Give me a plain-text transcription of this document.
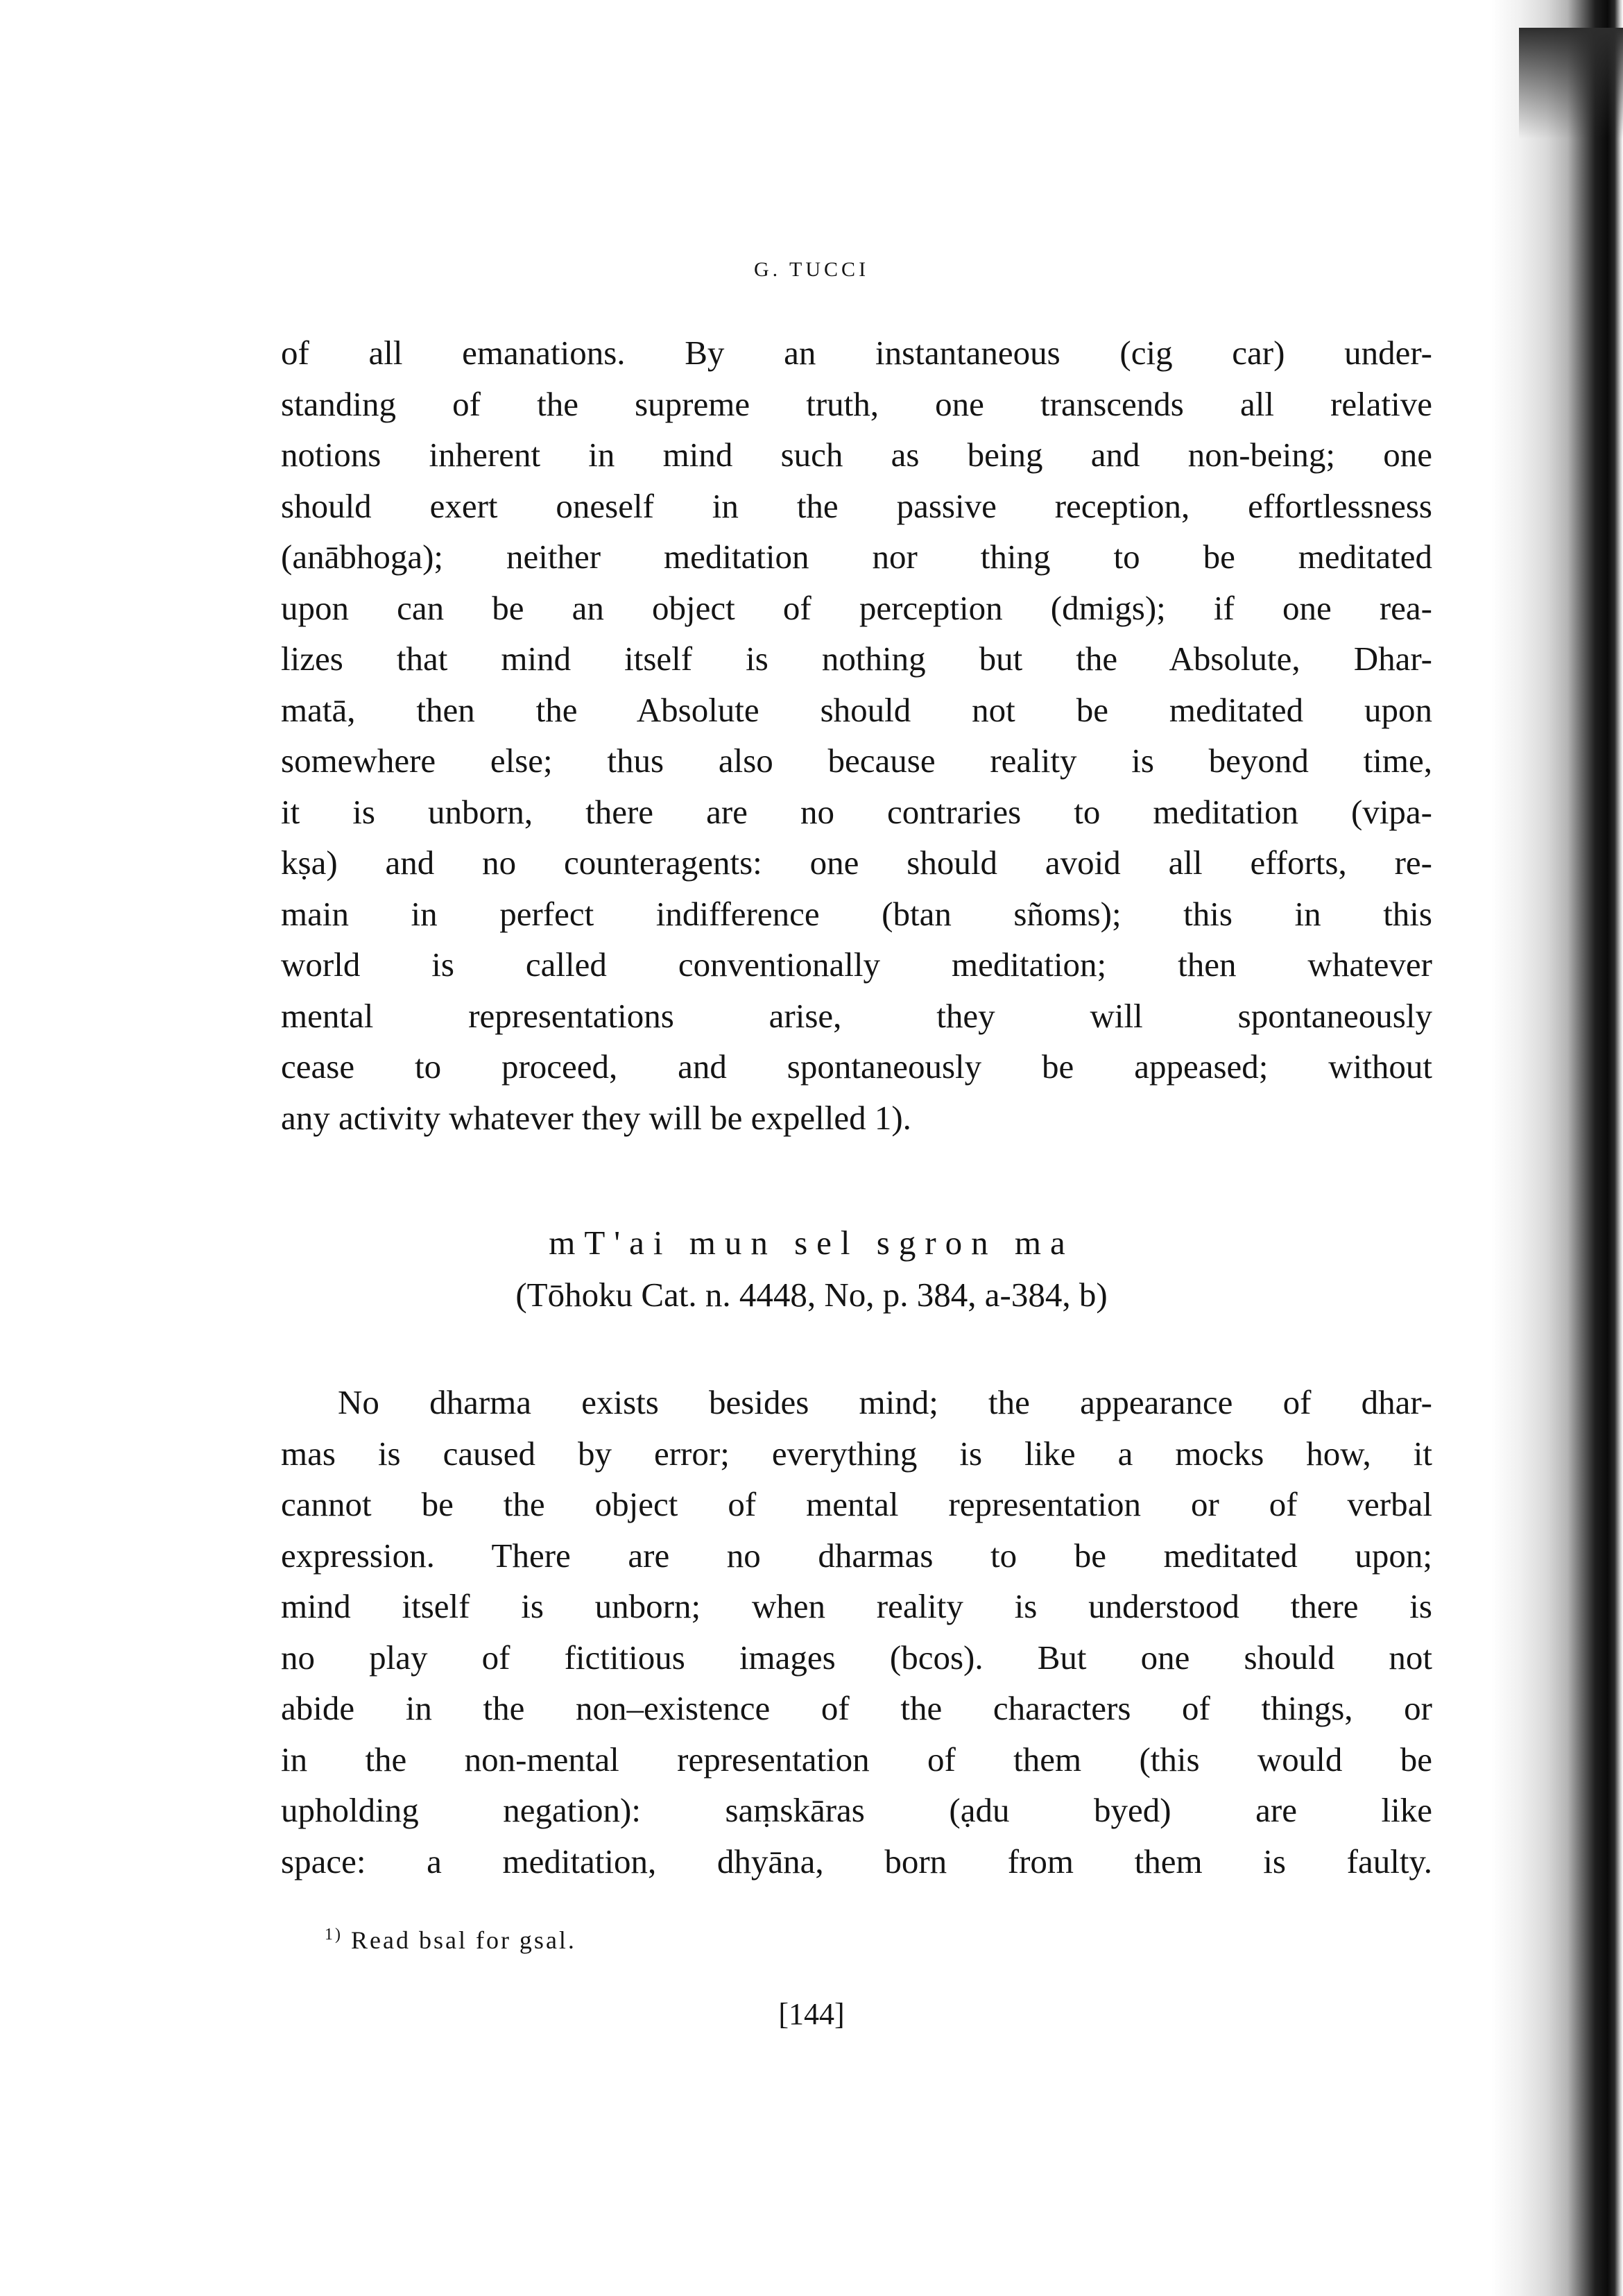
G. TUCCI
of all emanations. By an instantaneous (cig car) under-
standing of the supreme truth, one transcends all relative
notions inherent in mind such as being and non-being; one
should exert oneself in the passive reception, effortlessness
(anābhoga); neither meditation nor thing to be meditated
upon can be an object of perception (dmigs); if one rea-
lizes that mind itself is nothing but the Absolute, Dhar-
matā, then the Absolute should not be meditated upon
somewhere else; thus also because reality is beyond time,
it is unborn, there are no contraries to meditation (vipa-
kṣa) and no counteragents: one should avoid all efforts, re-
main in perfect indifference (btan sñoms); this in this
world is called conventionally meditation; then whatever
mental representations arise, they will spontaneously
cease to proceed, and spontaneously be appeased; without
any activity whatever they will be expelled 1).
mT'ai mun sel sgron ma
(Tōhoku Cat. n. 4448, No, p. 384, a-384, b)
No dharma exists besides mind; the appearance of dhar-
mas is caused by error; everything is like a mocks how, it
cannot be the object of mental representation or of verbal
expression. There are no dharmas to be meditated upon;
mind itself is unborn; when reality is understood there is
no play of fictitious images (bcos). But one should not
abide in the non–existence of the characters of things, or
in the non-mental representation of them (this would be
upholding negation): saṃskāras (ạdu byed) are like
space: a meditation, dhyāna, born from them is faulty.
$^{1)}$ Read bsal for gsal.
[144]
